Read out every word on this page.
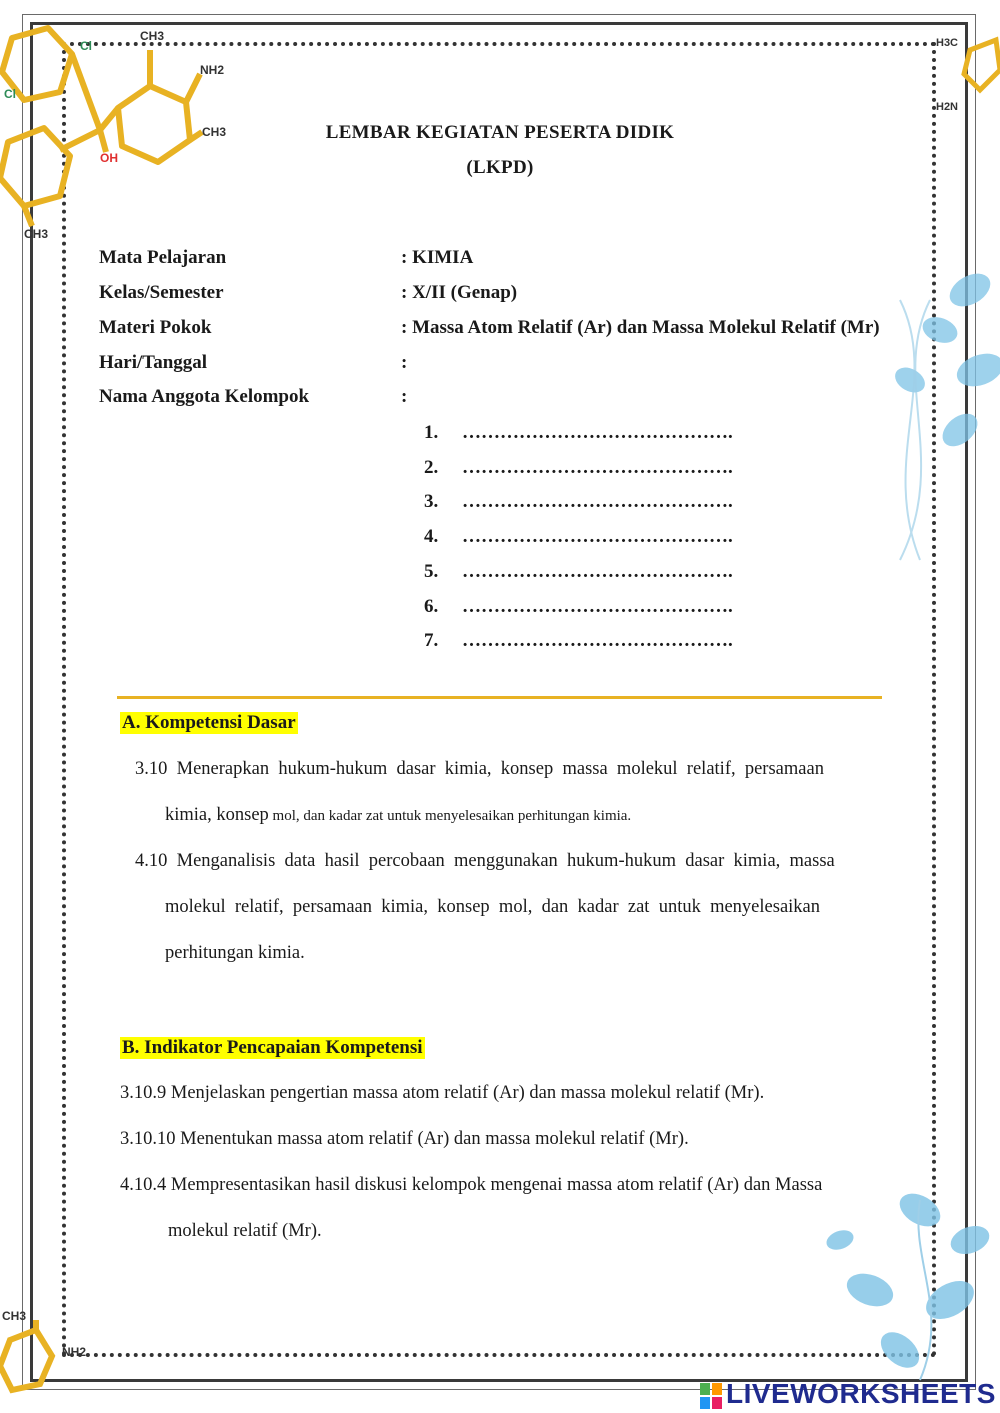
CH3
NH2
CH3
Cl
Cl
OH
CH3
H3C
H2N
CH3
NH2
LEMBAR KEGIATAN PESERTA DIDIK
(LKPD)
Mata Pelajaran	: KIMIA
Kelas/Semester	: X/II (Genap)
Materi Pokok	: Massa Atom Relatif (Ar) dan Massa Molekul Relatif (Mr)
Hari/Tanggal	:
Nama Anggota Kelompok	:
1. …………………………………….
2. …………………………………….
3. …………………………………….
4. …………………………………….
5. …………………………………….
6. …………………………………….
7. …………………………………….
A. Kompetensi Dasar
3.10  Menerapkan  hukum-hukum  dasar  kimia,  konsep  massa  molekul  relatif,  persamaan
kimia, konsep mol, dan kadar zat untuk menyelesaikan perhitungan kimia.
4.10  Menganalisis  data  hasil  percobaan  menggunakan  hukum-hukum  dasar  kimia,  massa
molekul  relatif,  persamaan  kimia,  konsep  mol,  dan  kadar  zat  untuk  menyelesaikan
perhitungan kimia.
B. Indikator Pencapaian Kompetensi
3.10.9 Menjelaskan pengertian massa atom relatif (Ar) dan massa molekul relatif (Mr).
3.10.10 Menentukan massa atom relatif (Ar) dan massa molekul relatif (Mr).
4.10.4 Mempresentasikan hasil diskusi kelompok mengenai massa atom relatif (Ar) dan Massa
molekul relatif (Mr).
LIVEWORKSHEETS
